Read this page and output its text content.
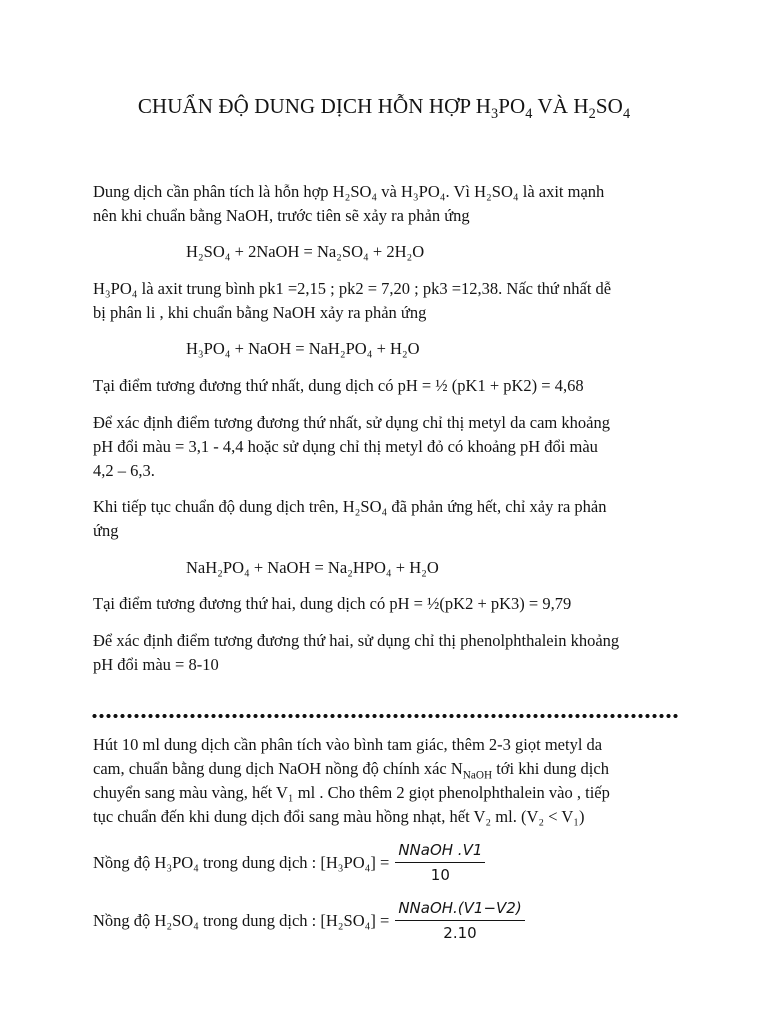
CHUẨN ĐỘ DUNG DỊCH HỖN HỢP $H_3PO_4$ VÀ $H_2SO_4$

Dung dịch cần phân tích là hỗn hợp H₂SO₄ và H₃PO₄. Vì H₂SO₄ là axit mạnh

nên khi chuẩn bằng NaOH, trước tiên sẽ xảy ra phản ứng

H₂SO₄ + 2NaOH = Na₂SO₄ + 2H₂O

H₃PO₄ là axit trung bình pk1 =2,15 ; pk2 = 7,20 ; pk3 =12,38. Nấc thứ nhất dễ

bị phân li , khi chuẩn bằng NaOH xảy ra phản ứng

H₃PO₄ + NaOH = NaH₂PO₄ + H₂O

Tại điểm tương đương thứ nhất, dung dịch có pH = ½ (pK1 + pK2) = 4,68

Để xác định điểm tương đương thứ nhất, sử dụng chỉ thị metyl da cam khoảng

pH đổi màu = 3,1 - 4,4 hoặc sử dụng chỉ thị metyl đỏ có khoảng pH đổi màu

4,2 – 6,3.

Khi tiếp tục chuẩn độ dung dịch trên, H₂SO₄ đã phản ứng hết, chỉ xảy ra phản

ứng

NaH₂PO₄ + NaOH = Na₂HPO₄ + H₂O

Tại điểm tương đương thứ hai, dung dịch có pH = ½(pK2 + pK3) = 9,79

Để xác định điểm tương đương thứ hai, sử dụng chỉ thị phenolphthalein khoảng

pH đổi màu = 8-10

Hút 10 ml dung dịch cần phân tích vào bình tam giác, thêm 2-3 giọt metyl da

cam, chuẩn bằng dung dịch NaOH nồng độ chính xác $N_{NaOH}$ tới khi dung dịch

chuyển sang màu vàng, hết V₁ ml . Cho thêm 2 giọt phenolphthalein vào , tiếp

tục chuẩn đến khi dung dịch đổi sang màu hồng nhạt, hết V₂ ml. (V₂ < V₁)

Nồng độ H₃PO₄ trong dung dịch : $[H_3PO_4] = \frac{\text{NNaOH .V1}}{10}$
Nồng độ H₂SO₄ trong dung dịch : $[H_2SO_4] = \frac{\text{NNaOH.(V1−V2)}}{2.10}$
